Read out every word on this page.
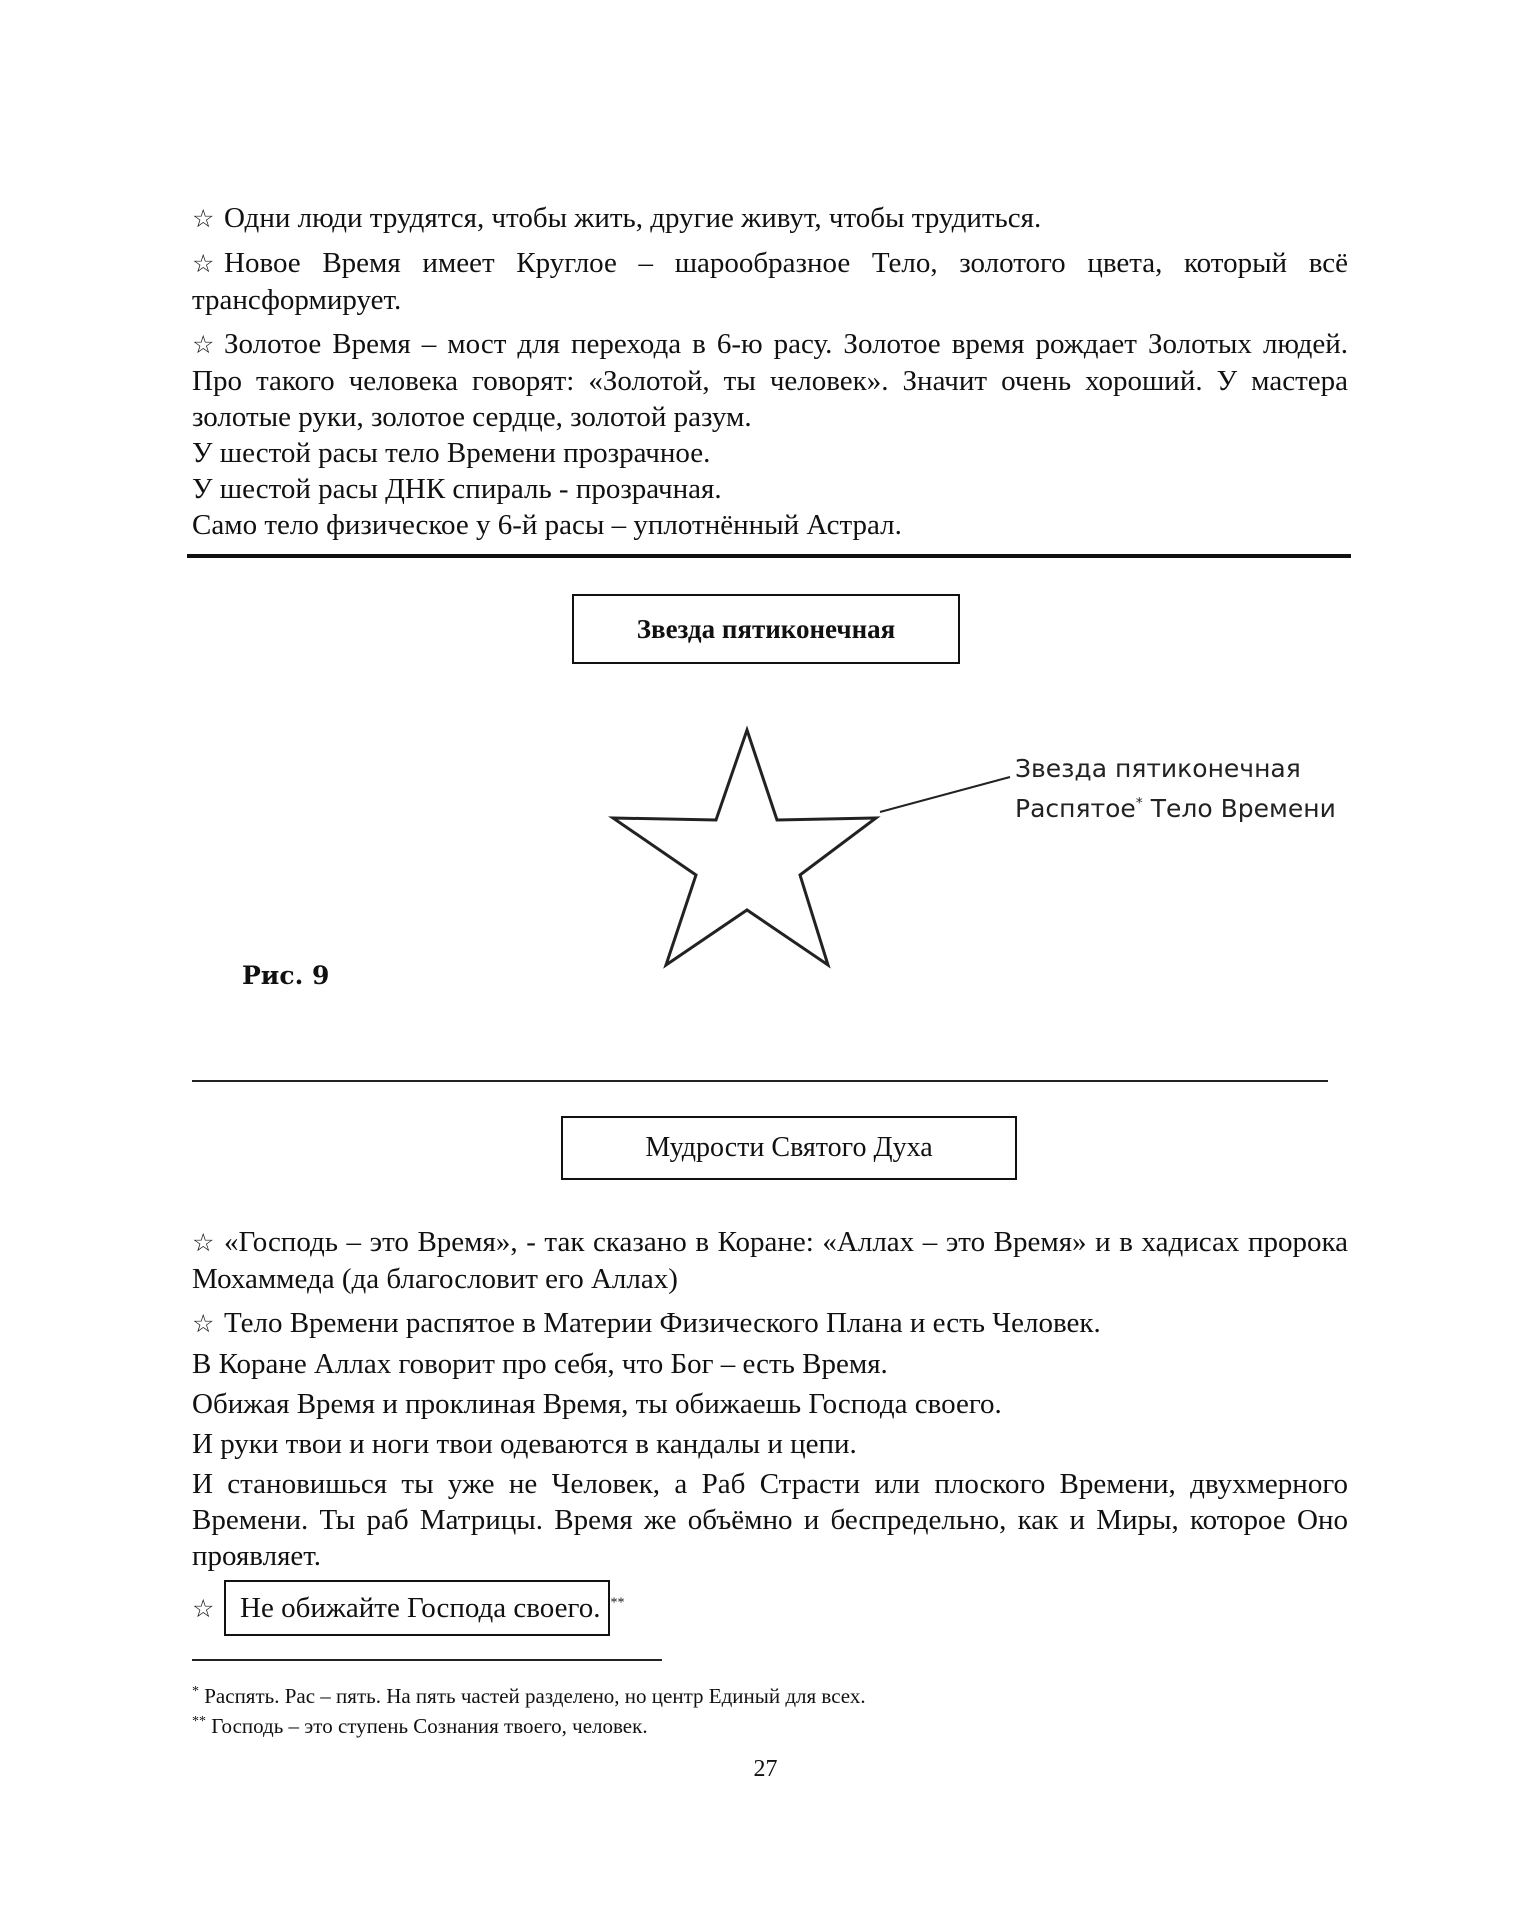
☆ Одни люди трудятся, чтобы жить, другие живут, чтобы трудиться.

☆ Новое Время имеет Круглое – шарообразное Тело, золотого цвета, который всё трансформирует.

☆ Золотое Время – мост для перехода в 6-ю расу. Золотое время рождает Золотых людей. Про такого человека говорят: «Золотой, ты человек». Значит очень хороший. У мастера золотые руки, золотое сердце, золотой разум.

У шестой расы тело Времени прозрачное.

У шестой расы ДНК спираль - прозрачная.

Само тело физическое у 6-й расы – уплотнённый Астрал.

Звезда пятиконечная
Звезда пятиконечная
Распятое* Тело Времени
Рис. 9
Мудрости Святого Духа

☆ «Господь – это Время», - так сказано в Коране: «Аллах – это Время» и в хадисах пророка Мохаммеда (да благословит его Аллах)

☆ Тело Времени распятое в Материи Физического Плана и есть Человек.

В Коране Аллах говорит про себя, что Бог – есть Время.

Обижая Время и проклиная Время, ты обижаешь Господа своего.

И руки твои и ноги твои одеваются в кандалы и цепи.

И становишься ты уже не Человек, а Раб Страсти или плоского Времени, двухмерного Времени. Ты раб Матрицы. Время же объёмно и беспредельно, как и Миры, которое Оно проявляет.

☆ Не обижайте Господа своего. **

* Распять. Рас – пять. На пять частей разделено, но центр Единый для всех.
** Господь – это ступень Сознания твоего, человек.
27
